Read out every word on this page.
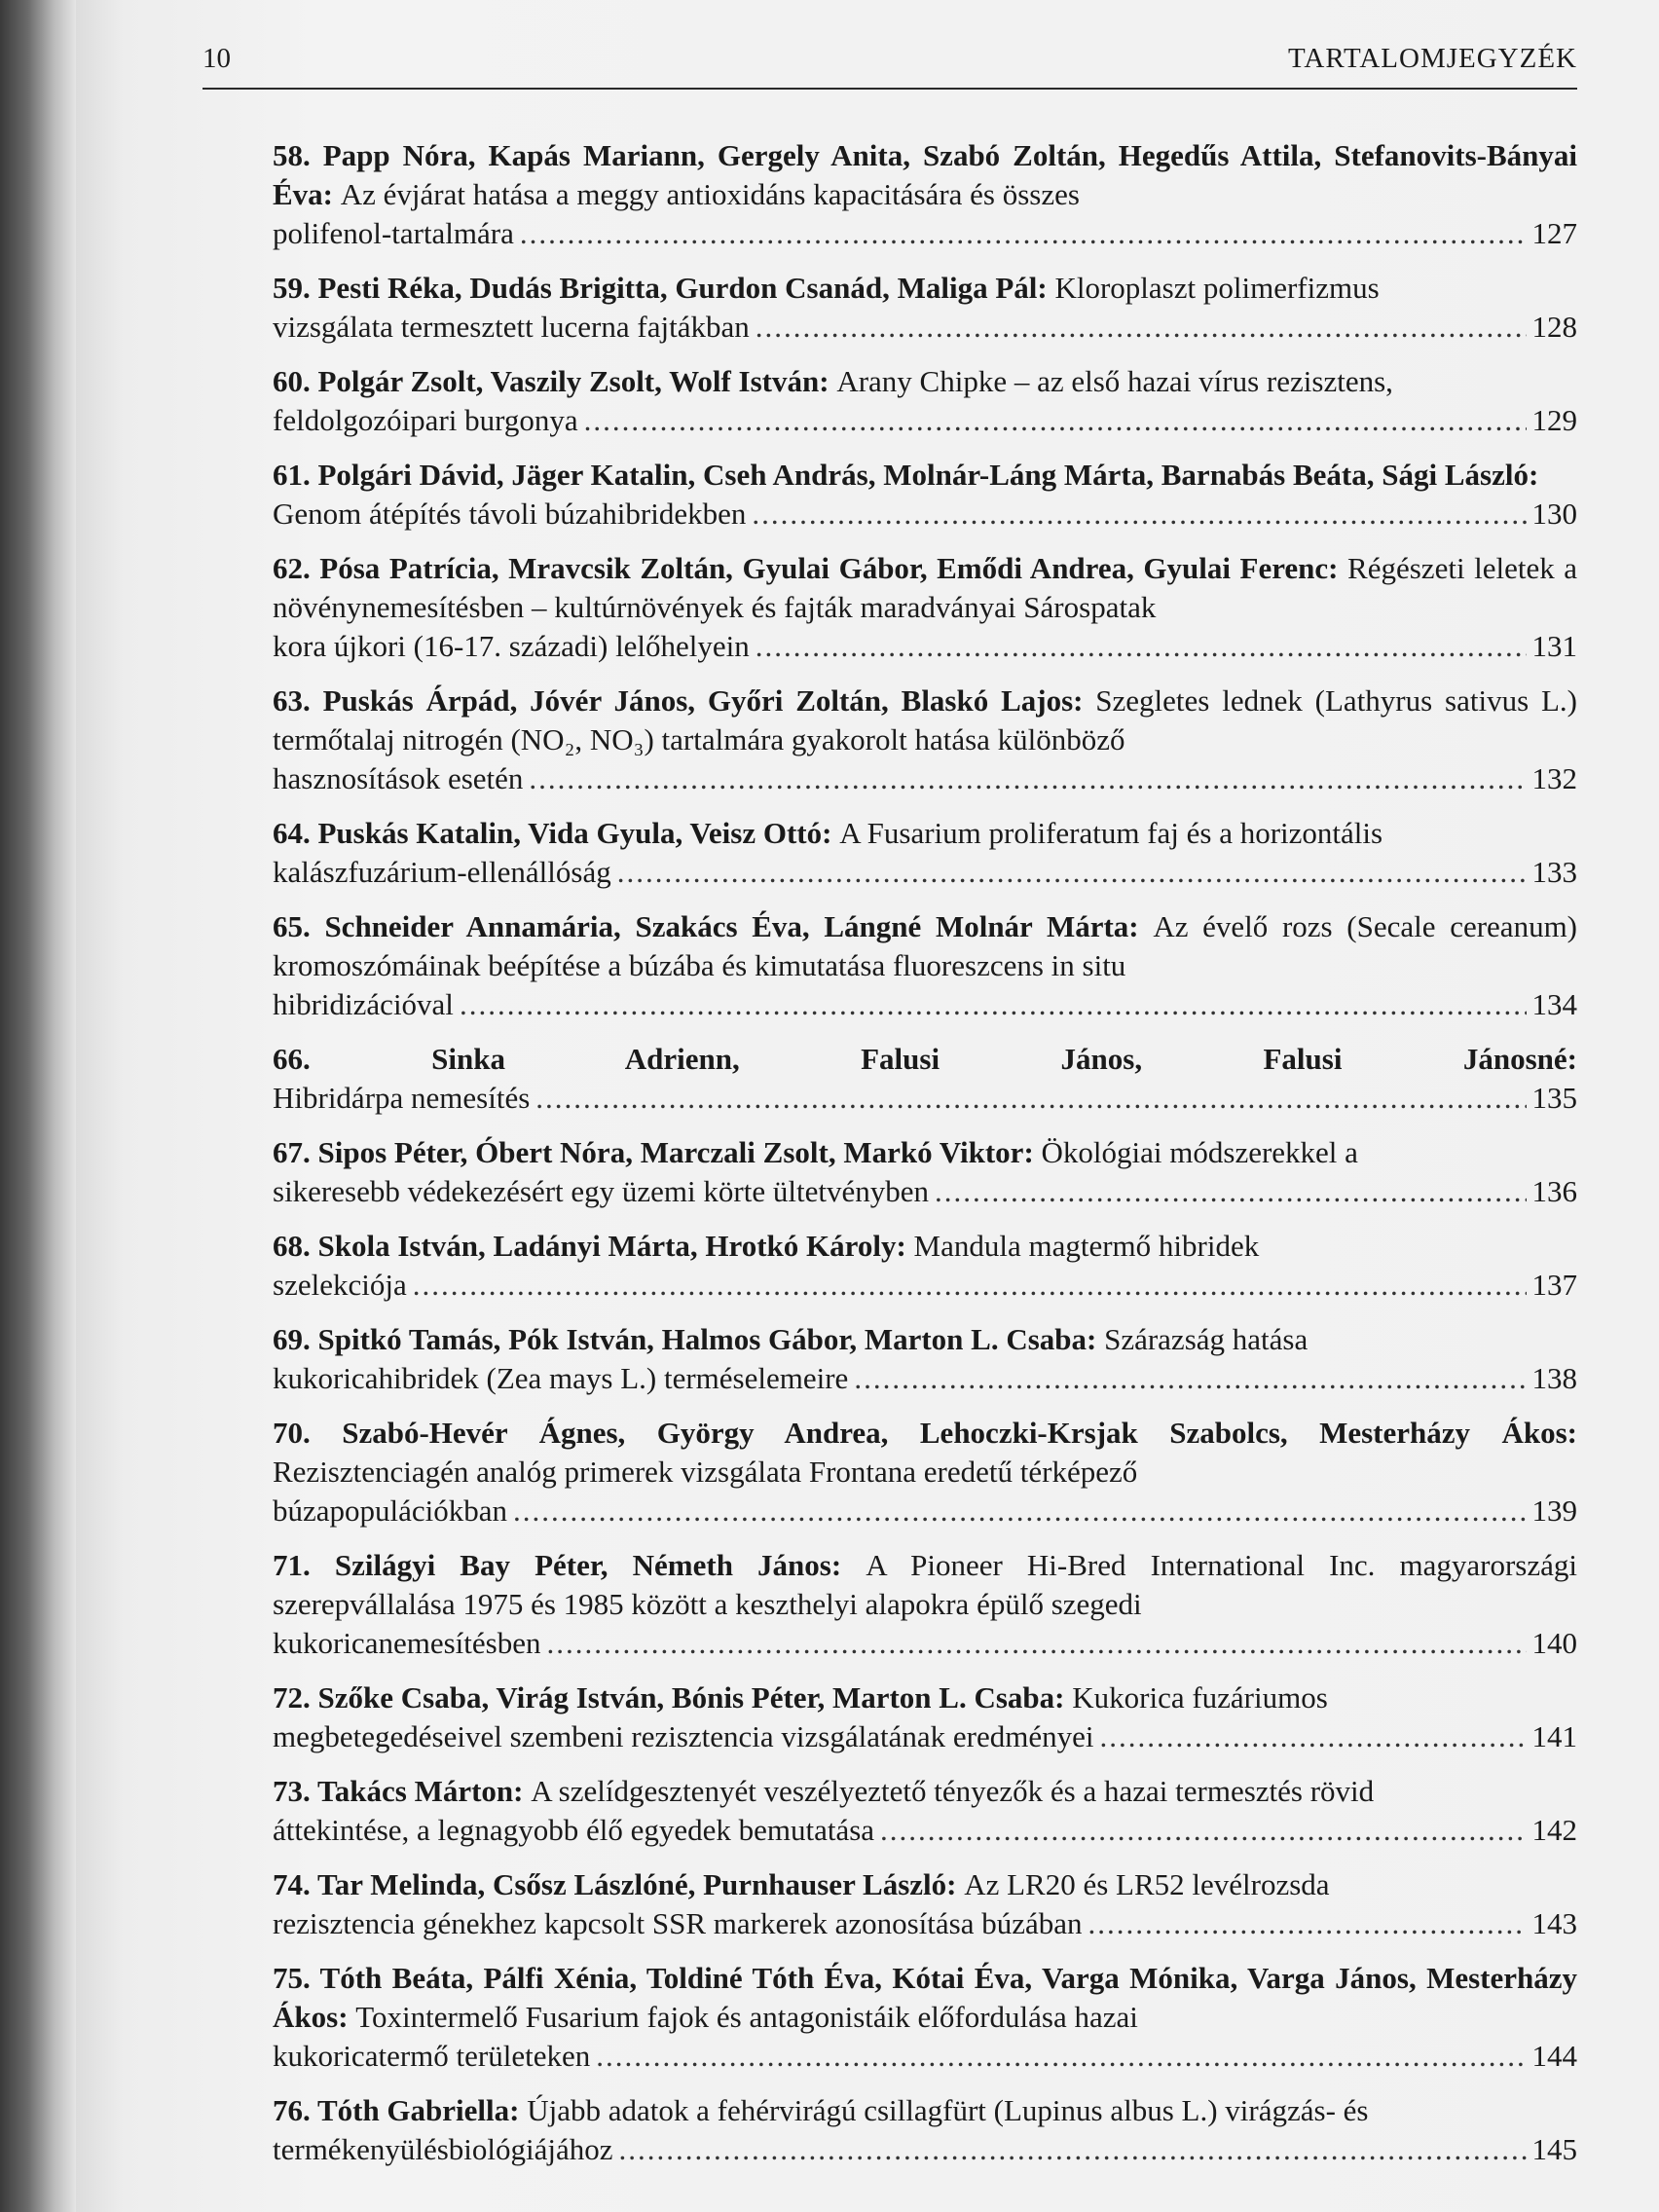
10	TARTALOMJEGYZÉK
58. Papp Nóra, Kapás Mariann, Gergely Anita, Szabó Zoltán, Hegedűs Attila, Stefanovits-Bányai Éva: Az évjárat hatása a meggy antioxidáns kapacitására és összes
polifenol-tartalmára .....	127
59. Pesti Réka, Dudás Brigitta, Gurdon Csanád, Maliga Pál: Kloroplaszt polimerfizmus
vizsgálata termesztett lucerna fajtákban .....	128
60. Polgár Zsolt, Vaszily Zsolt, Wolf István: Arany Chipke – az első hazai vírus rezisztens,
feldolgozóipari burgonya .....	129
61. Polgári Dávid, Jäger Katalin, Cseh András, Molnár-Láng Márta, Barnabás Beáta, Sági László:
Genom átépítés távoli búzahibridekben .....	130
62. Pósa Patrícia, Mravcsik Zoltán, Gyulai Gábor, Emődi Andrea, Gyulai Ferenc: Régészeti leletek a növénynemesítésben – kultúrnövények és fajták maradványai Sárospatak
kora újkori (16-17. századi) lelőhelyein .....	131
63. Puskás Árpád, Jóvér János, Győri Zoltán, Blaskó Lajos: Szegletes lednek (Lathyrus sativus L.) termőtalaj nitrogén (NO₂, NO₃) tartalmára gyakorolt hatása különböző
hasznosítások esetén .....	132
64. Puskás Katalin, Vida Gyula, Veisz Ottó: A Fusarium proliferatum faj és a horizontális
kalászfuzárium-ellenállóság .....	133
65. Schneider Annamária, Szakács Éva, Lángné Molnár Márta: Az évelő rozs (Secale cereanum) kromoszómáinak beépítése a búzába és kimutatása fluoreszcens in situ
hibridizációval .....	134
66. Sinka Adrienn, Falusi János, Falusi Jánosné:
Hibridárpa nemesítés .....	135
67. Sipos Péter, Óbert Nóra, Marczali Zsolt, Markó Viktor: Ökológiai módszerekkel a
sikeresebb védekezésért egy üzemi körte ültetvényben .....	136
68. Skola István, Ladányi Márta, Hrotkó Károly: Mandula magtermő hibridek
szelekciója .....	137
69. Spitkó Tamás, Pók István, Halmos Gábor, Marton L. Csaba: Szárazság hatása
kukoricahibridek (Zea mays L.) terméselemeire .....	138
70. Szabó-Hevér Ágnes, György Andrea, Lehoczki-Krsjak Szabolcs, Mesterházy Ákos: Rezisztenciagén analóg primerek vizsgálata Frontana eredetű térképező
búzapopulációkban .....	139
71. Szilágyi Bay Péter, Németh János: A Pioneer Hi-Bred International Inc. magyarországi szerepvállalása 1975 és 1985 között a keszthelyi alapokra épülő szegedi
kukoricanemesítésben .....	140
72. Szőke Csaba, Virág István, Bónis Péter, Marton L. Csaba: Kukorica fuzáriumos
megbetegedéseivel szembeni rezisztencia vizsgálatának eredményei .....	141
73. Takács Márton: A szelídgesztenyét veszélyeztető tényezők és a hazai termesztés rövid
áttekintése, a legnagyobb élő egyedek bemutatása .....	142
74. Tar Melinda, Csősz Lászlóné, Purnhauser László: Az LR20 és LR52 levélrozsda
rezisztencia génekhez kapcsolt SSR markerek azonosítása búzában .....	143
75. Tóth Beáta, Pálfi Xénia, Toldiné Tóth Éva, Kótai Éva, Varga Mónika, Varga János, Mesterházy Ákos: Toxintermelő Fusarium fajok és antagonistáik előfordulása hazai
kukoricatermő területeken .....	144
76. Tóth Gabriella: Újabb adatok a fehérvirágú csillagfürt (Lupinus albus L.) virágzás- és
termékenyülésbiológiájához .....	145
